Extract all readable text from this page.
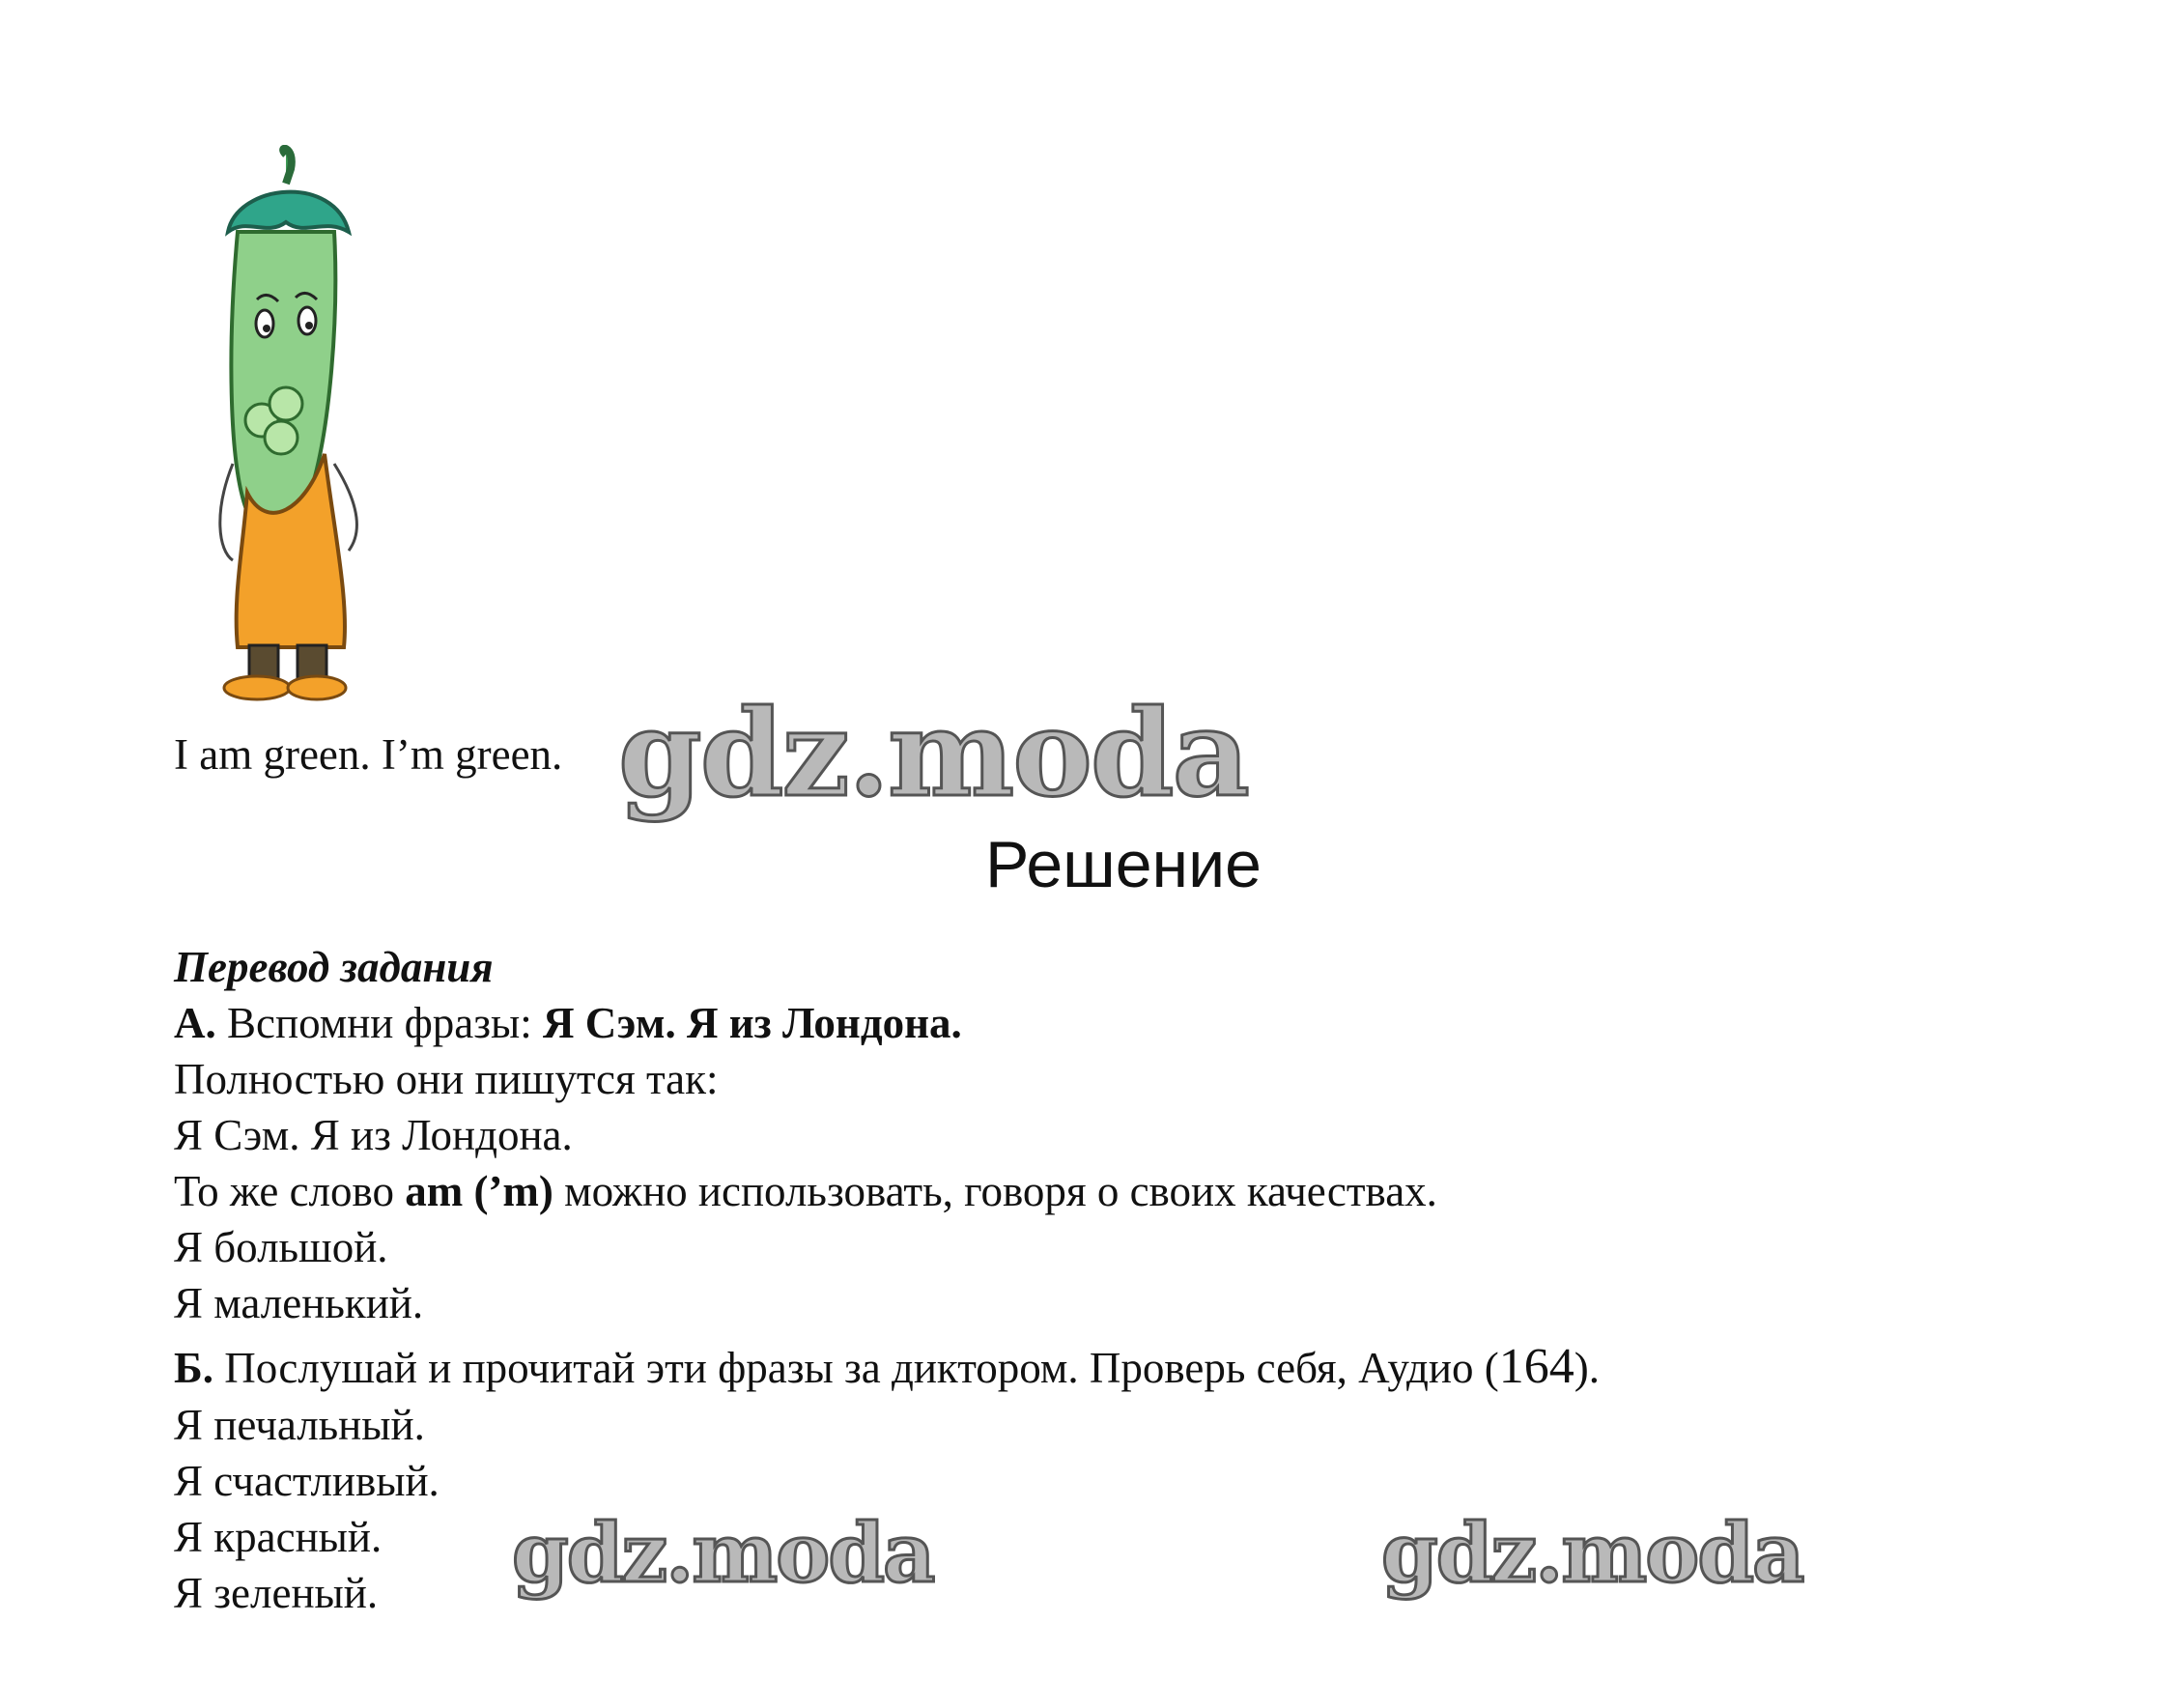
I am green. I’m green. gdz.moda
Решение
Перевод задания
А. Вспомни фразы: Я Сэм. Я из Лондона.
Полностью они пишутся так:
Я Сэм. Я из Лондона.
То же слово am (’m) можно использовать, говоря о своих качествах.
Я большой.
Я маленький.
Б. Послушай и прочитай эти фразы за диктором. Проверь себя, Аудио (164).
Я печальный.
Я счастливый.
Я красный.
Я зеленый. gdz.moda	gdz.moda
